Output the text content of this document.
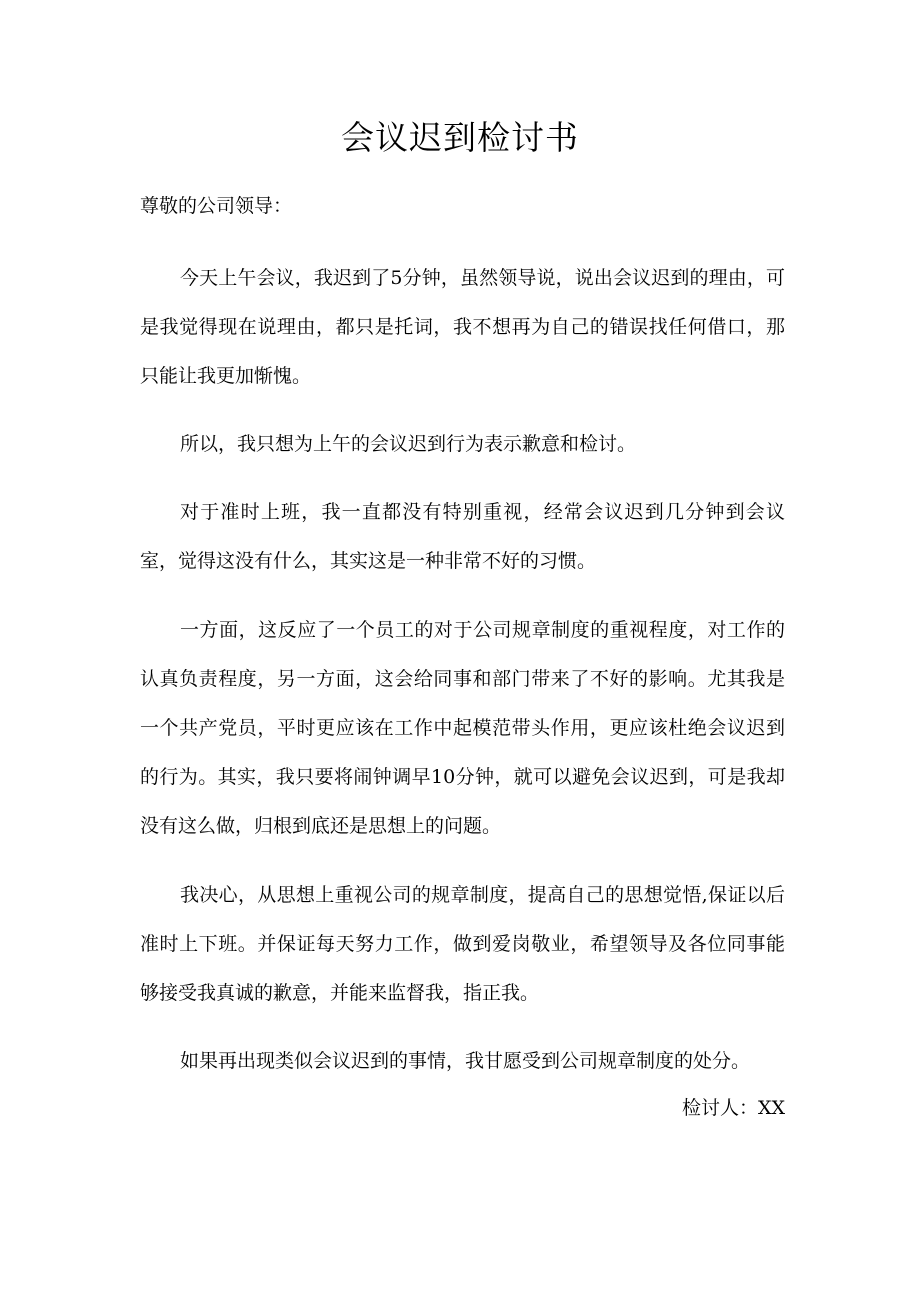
会议迟到检讨书
尊敬的公司领导：

今天上午会议，我迟到了5分钟，虽然领导说，说出会议迟到的理由，可是我觉得现在说理由，都只是托词，我不想再为自己的错误找任何借口，那只能让我更加惭愧。

所以，我只想为上午的会议迟到行为表示歉意和检讨。

对于准时上班，我一直都没有特别重视，经常会议迟到几分钟到会议室，觉得这没有什么，其实这是一种非常不好的习惯。

一方面，这反应了一个员工的对于公司规章制度的重视程度，对工作的认真负责程度，另一方面，这会给同事和部门带来了不好的影响。尤其我是一个共产党员，平时更应该在工作中起模范带头作用，更应该杜绝会议迟到的行为。其实，我只要将闹钟调早10分钟，就可以避免会议迟到，可是我却没有这么做，归根到底还是思想上的问题。

我决心，从思想上重视公司的规章制度，提高自己的思想觉悟,保证以后准时上下班。并保证每天努力工作，做到爱岗敬业，希望领导及各位同事能够接受我真诚的歉意，并能来监督我，指正我。

如果再出现类似会议迟到的事情，我甘愿受到公司规章制度的处分。

检讨人：XX
